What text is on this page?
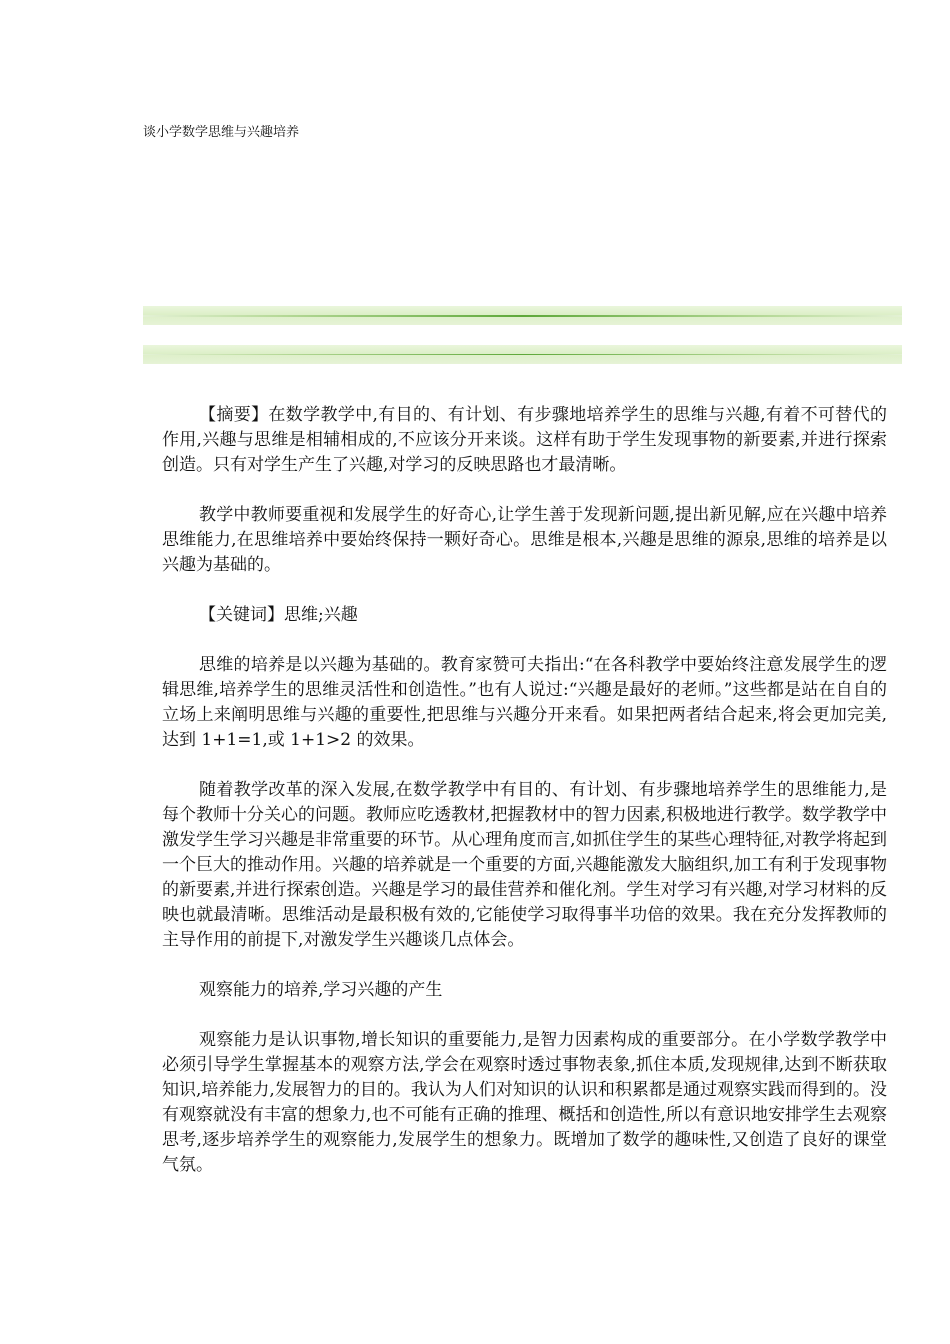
谈小学数学思维与兴趣培养

【摘要】在数学教学中,有目的、有计划、有步骤地培养学生的思维与兴趣,有着不可替代的作用,兴趣与思维是相辅相成的,不应该分开来谈。这样有助于学生发现事物的新要素,并进行探索创造。只有对学生产生了兴趣,对学习的反映思路也才最清晰。

教学中教师要重视和发展学生的好奇心,让学生善于发现新问题,提出新见解,应在兴趣中培养思维能力,在思维培养中要始终保持一颗好奇心。思维是根本,兴趣是思维的源泉,思维的培养是以兴趣为基础的。

【关键词】思维;兴趣

思维的培养是以兴趣为基础的。教育家赞可夫指出:“在各科教学中要始终注意发展学生的逻辑思维,培养学生的思维灵活性和创造性。”也有人说过:“兴趣是最好的老师。”这些都是站在自自的立场上来阐明思维与兴趣的重要性,把思维与兴趣分开来看。如果把两者结合起来,将会更加完美,达到 1+1=1,或 1+1>2 的效果。

随着教学改革的深入发展,在数学教学中有目的、有计划、有步骤地培养学生的思维能力,是每个教师十分关心的问题。教师应吃透教材,把握教材中的智力因素,积极地进行教学。数学教学中激发学生学习兴趣是非常重要的环节。从心理角度而言,如抓住学生的某些心理特征,对教学将起到一个巨大的推动作用。兴趣的培养就是一个重要的方面,兴趣能激发大脑组织,加工有利于发现事物的新要素,并进行探索创造。兴趣是学习的最佳营养和催化剂。学生对学习有兴趣,对学习材料的反映也就最清晰。思维活动是最积极有效的,它能使学习取得事半功倍的效果。我在充分发挥教师的主导作用的前提下,对激发学生兴趣谈几点体会。

观察能力的培养,学习兴趣的产生

观察能力是认识事物,增长知识的重要能力,是智力因素构成的重要部分。在小学数学教学中必须引导学生掌握基本的观察方法,学会在观察时透过事物表象,抓住本质,发现规律,达到不断获取知识,培养能力,发展智力的目的。我认为人们对知识的认识和积累都是通过观察实践而得到的。没有观察就没有丰富的想象力,也不可能有正确的推理、概括和创造性,所以有意识地安排学生去观察思考,逐步培养学生的观察能力,发展学生的想象力。既增加了数学的趣味性,又创造了良好的课堂气氛。
